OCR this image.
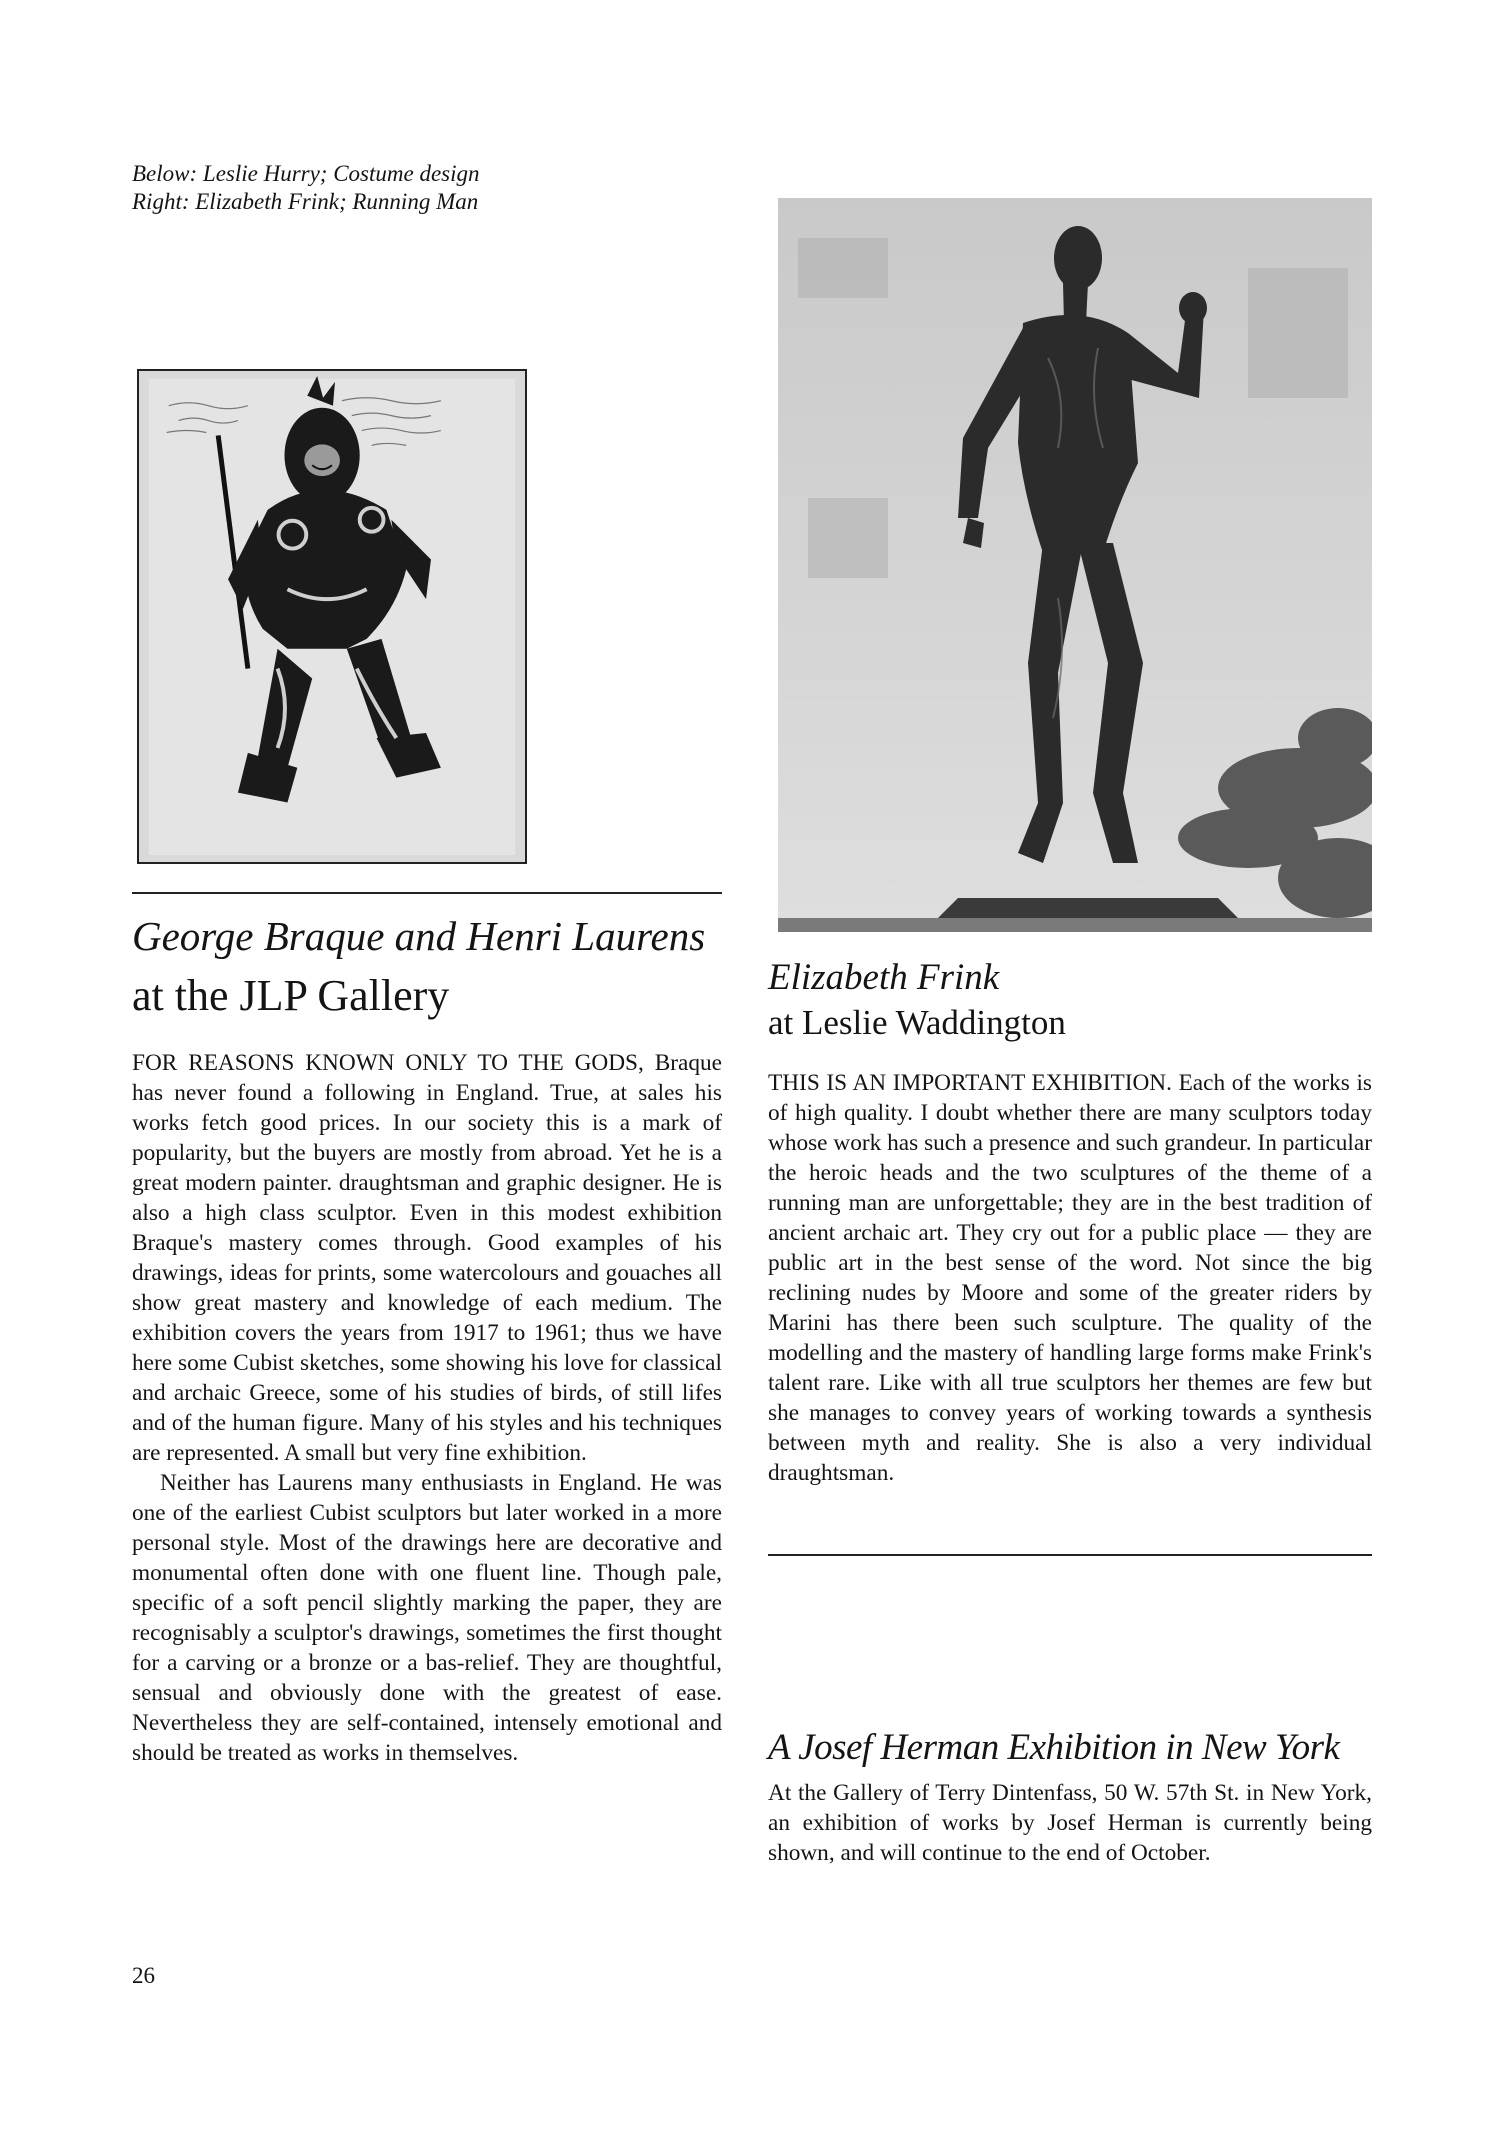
Below: Leslie Hurry; Costume design
Right: Elizabeth Frink; Running Man
George Braque and Henri Laurens
at the JLP Gallery

FOR REASONS KNOWN ONLY TO THE GODS, Braque has never found a following in England. True, at sales his works fetch good prices. In our society this is a mark of popularity, but the buyers are mostly from abroad. Yet he is a great modern painter. draughtsman and graphic designer. He is also a high class sculptor. Even in this modest exhibition Braque's mastery comes through. Good examples of his drawings, ideas for prints, some watercolours and gouaches all show great mastery and knowledge of each medium. The exhibition covers the years from 1917 to 1961; thus we have here some Cubist sketches, some showing his love for classical and archaic Greece, some of his studies of birds, of still lifes and of the human figure. Many of his styles and his techniques are represented. A small but very fine exhibition.

Neither has Laurens many enthusiasts in England. He was one of the earliest Cubist sculptors but later worked in a more personal style. Most of the drawings here are decorative and monumental often done with one fluent line. Though pale, specific of a soft pencil slightly marking the paper, they are recognisably a sculptor's drawings, sometimes the first thought for a carving or a bronze or a bas-relief. They are thoughtful, sensual and obviously done with the greatest of ease. Nevertheless they are self-contained, intensely emotional and should be treated as works in themselves.

Elizabeth Frink
at Leslie Waddington

THIS IS AN IMPORTANT EXHIBITION. Each of the works is of high quality. I doubt whether there are many sculptors today whose work has such a presence and such grandeur. In particular the heroic heads and the two sculptures of the theme of a running man are unforgettable; they are in the best tradition of ancient archaic art. They cry out for a public place — they are public art in the best sense of the word. Not since the big reclining nudes by Moore and some of the greater riders by Marini has there been such sculpture. The quality of the modelling and the mastery of handling large forms make Frink's talent rare. Like with all true sculptors her themes are few but she manages to convey years of working towards a synthesis between myth and reality. She is also a very individual draughtsman.

A Josef Herman Exhibition in New York

At the Gallery of Terry Dintenfass, 50 W. 57th St. in New York, an exhibition of works by Josef Herman is currently being shown, and will continue to the end of October.

26
